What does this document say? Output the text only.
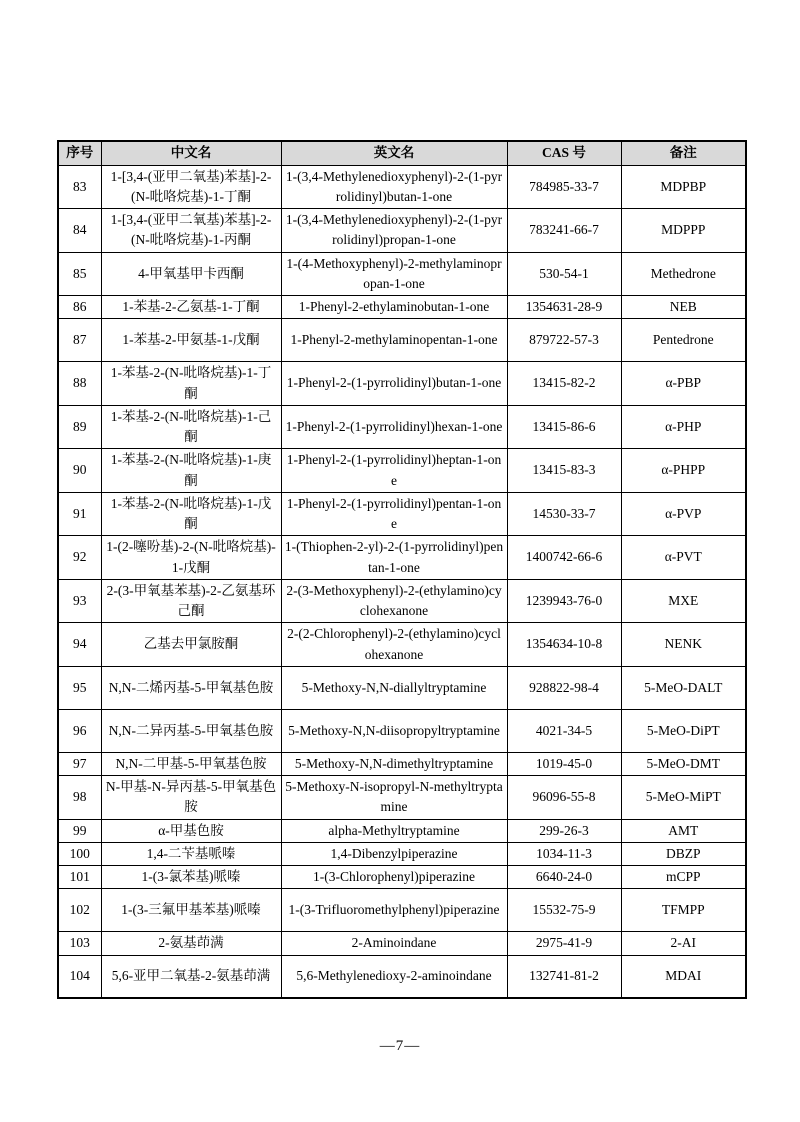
序号	中文名	英文名	CAS 号	备注
83	1-[3,4-(亚甲二氧基)苯基]-2-(N-吡咯烷基)-1-丁酮	1-(3,4-Methylenedioxyphenyl)-2-(1-pyrrolidinyl)butan-1-one	784985-33-7	MDPBP
84	1-[3,4-(亚甲二氧基)苯基]-2-(N-吡咯烷基)-1-丙酮	1-(3,4-Methylenedioxyphenyl)-2-(1-pyrrolidinyl)propan-1-one	783241-66-7	MDPPP
85	4-甲氧基甲卡西酮	1-(4-Methoxyphenyl)-2-methylaminopropan-1-one	530-54-1	Methedrone
86	1-苯基-2-乙氨基-1-丁酮	1-Phenyl-2-ethylaminobutan-1-one	1354631-28-9	NEB
87	1-苯基-2-甲氨基-1-戊酮	1-Phenyl-2-methylaminopentan-1-one	879722-57-3	Pentedrone
88	1-苯基-2-(N-吡咯烷基)-1-丁酮	1-Phenyl-2-(1-pyrrolidinyl)butan-1-one	13415-82-2	α-PBP
89	1-苯基-2-(N-吡咯烷基)-1-己酮	1-Phenyl-2-(1-pyrrolidinyl)hexan-1-one	13415-86-6	α-PHP
90	1-苯基-2-(N-吡咯烷基)-1-庚酮	1-Phenyl-2-(1-pyrrolidinyl)heptan-1-one	13415-83-3	α-PHPP
91	1-苯基-2-(N-吡咯烷基)-1-戊酮	1-Phenyl-2-(1-pyrrolidinyl)pentan-1-one	14530-33-7	α-PVP
92	1-(2-噻吩基)-2-(N-吡咯烷基)-1-戊酮	1-(Thiophen-2-yl)-2-(1-pyrrolidinyl)pentan-1-one	1400742-66-6	α-PVT
93	2-(3-甲氧基苯基)-2-乙氨基环己酮	2-(3-Methoxyphenyl)-2-(ethylamino)cyclohexanone	1239943-76-0	MXE
94	乙基去甲氯胺酮	2-(2-Chlorophenyl)-2-(ethylamino)cyclohexanone	1354634-10-8	NENK
95	N,N-二烯丙基-5-甲氧基色胺	5-Methoxy-N,N-diallyltryptamine	928822-98-4	5-MeO-DALT
96	N,N-二异丙基-5-甲氧基色胺	5-Methoxy-N,N-diisopropyltryptamine	4021-34-5	5-MeO-DiPT
97	N,N-二甲基-5-甲氧基色胺	5-Methoxy-N,N-dimethyltryptamine	1019-45-0	5-MeO-DMT
98	N-甲基-N-异丙基-5-甲氧基色胺	5-Methoxy-N-isopropyl-N-methyltryptamine	96096-55-8	5-MeO-MiPT
99	α-甲基色胺	alpha-Methyltryptamine	299-26-3	AMT
100	1,4-二苄基哌嗪	1,4-Dibenzylpiperazine	1034-11-3	DBZP
101	1-(3-氯苯基)哌嗪	1-(3-Chlorophenyl)piperazine	6640-24-0	mCPP
102	1-(3-三氟甲基苯基)哌嗪	1-(3-Trifluoromethylphenyl)piperazine	15532-75-9	TFMPP
103	2-氨基茚满	2-Aminoindane	2975-41-9	2-AI
104	5,6-亚甲二氧基-2-氨基茚满	5,6-Methylenedioxy-2-aminoindane	132741-81-2	MDAI
—7—
